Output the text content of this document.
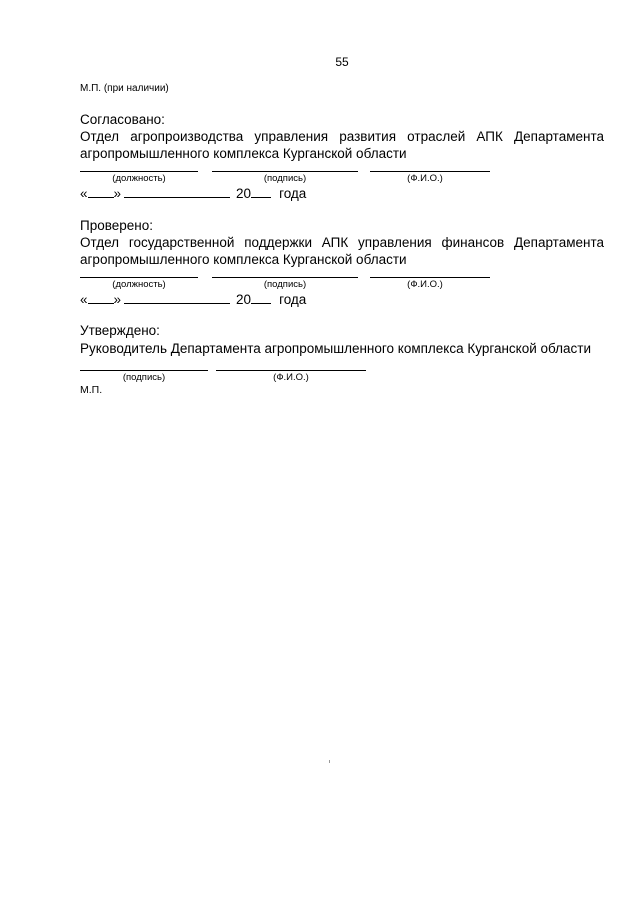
55
М.П. (при наличии)
Согласовано:
Отдел агропроизводства управления развития отраслей АПК Департамента агропромышленного комплекса Курганской области
(должность)	(подпись)	(Ф.И.О.)
« »	20 года
Проверено:
Отдел государственной поддержки АПК управления финансов Департамента агропромышленного комплекса Курганской области
(должность)	(подпись)	(Ф.И.О.)
« »	20 года
Утверждено:
Руководитель Департамента агропромышленного комплекса Курганской области
(подпись)	(Ф.И.О.)
М.П.
